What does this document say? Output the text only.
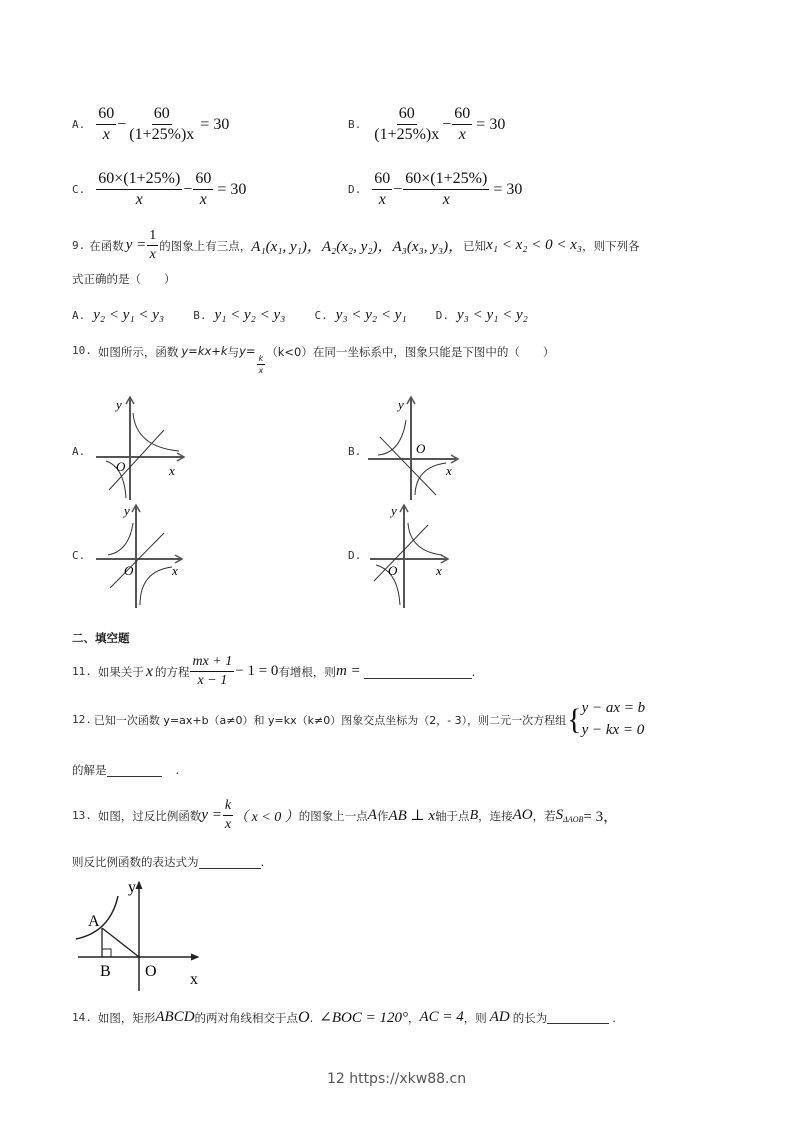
A. $\frac{60}{x} - \frac{60}{(1+25\%)x} = 30$	B. $\frac{60}{(1+25\%)x} - \frac{60}{x} = 30$
C. $\frac{60\times(1+25\%)}{x} - \frac{60}{x} = 30$	D. $\frac{60}{x} - \frac{60\times(1+25\%)}{x} = 30$
9. 在函数 $y = \frac{1}{x}$ 的图象上有三点， A₁(x₁, y₁)，A₂(x₂, y₂)，A₃(x₃, y₃)， 已知 x₁ < x₂ < 0 < x₃ ，则下列各
式正确的是（　　）
A. y₂ < y₁ < y₃	B. y₁ < y₂ < y₃	C. y₃ < y₂ < y₁	D. y₃ < y₁ < y₂
10. 如图所示，函数 y=kx+k 与 y=
$\frac{k}{x}$
（k<0）在同一坐标系中，图象只能是下图中的（　　）
A.
O	x
y
B.	O
x
y
C.
O	x
y
D.
O	x
y
二、填空题
11. 如果关于 x 的方程 $\frac{mx + 1}{x - 1} - 1 = 0$ 有增根，则 m =	.
12. 已知一次函数 y=ax+b（a≠0）和 y=kx（k≠0）图象交点坐标为（2，- 3），则二元一次方程组 { y − ax = b
y − kx = 0
的解是	.
13. 如图，过反比例函数 $y = \frac{k}{x}$ （ x < 0 ） 的图象上一点 A 作 AB ⊥ x 轴于点 B ，连接 AO ，若 $S_{\Delta AOB} = 3$，
则反比例函数的表达式为	.
A
B O
y
x
14. 如图，矩形 ABCD 的两对角线相交于点 O . ∠BOC = 120° ， AC = 4 ，则 AD 的长为	.
12 https://xkw88.cn
